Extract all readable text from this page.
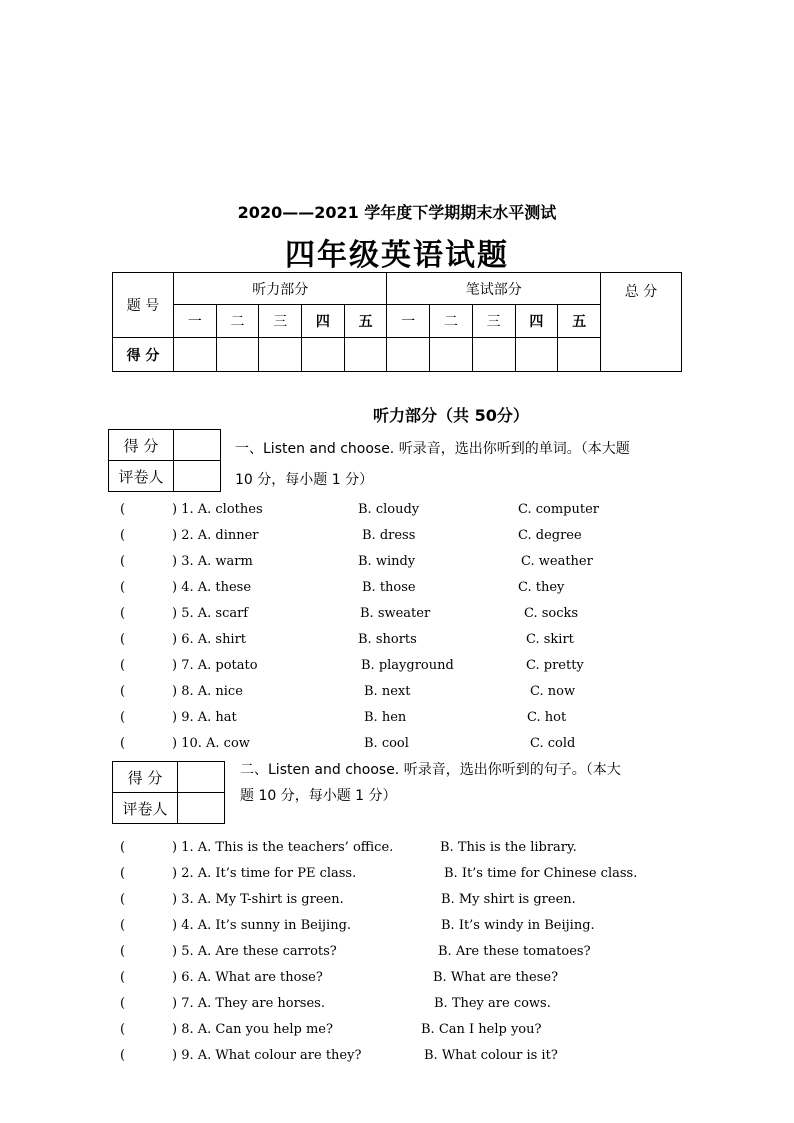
2020——2021 学年度下学期期末水平测试
四年级英语试题
题 号	听力部分					笔试部分					总 分
	一	二	三	四	五	一	二	三	四	五	
得 分											
听力部分（共 50分）
得 分	
评卷人	
一、Listen and choose. 听录音，选出你听到的单词。（本大题
10 分，每小题 1 分）
(	) 1. A. clothes	B. cloudy	C. computer
(	) 2. A. dinner	B. dress	C. degree
(	) 3. A. warm	B. windy	C. weather
(	) 4. A. these	B. those	C. they
(	) 5. A. scarf	B. sweater	C. socks
(	) 6. A. shirt	B. shorts	C. skirt
(	) 7. A. potato	B. playground	C. pretty
(	) 8. A. nice	B. next	C. now
(	) 9. A. hat	B. hen	C. hot
(	) 10. A. cow	B. cool	C. cold
得 分	
评卷人	
二、Listen and choose. 听录音，选出你听到的句子。（本大
题 10 分，每小题 1 分）
(	) 1. A. This is the teachers’ office.	B. This is the library.
(	) 2. A. It’s time for PE class.	B. It’s time for Chinese class.
(	) 3. A. My T-shirt is green.	B. My shirt is green.
(	) 4. A. It’s sunny in Beijing.	B. It’s windy in Beijing.
(	) 5. A. Are these carrots?	B. Are these tomatoes?
(	) 6. A. What are those?	B. What are these?
(	) 7. A. They are horses.	B. They are cows.
(	) 8. A. Can you help me?	B. Can I help you?
(	) 9. A. What colour are they?	B. What colour is it?
